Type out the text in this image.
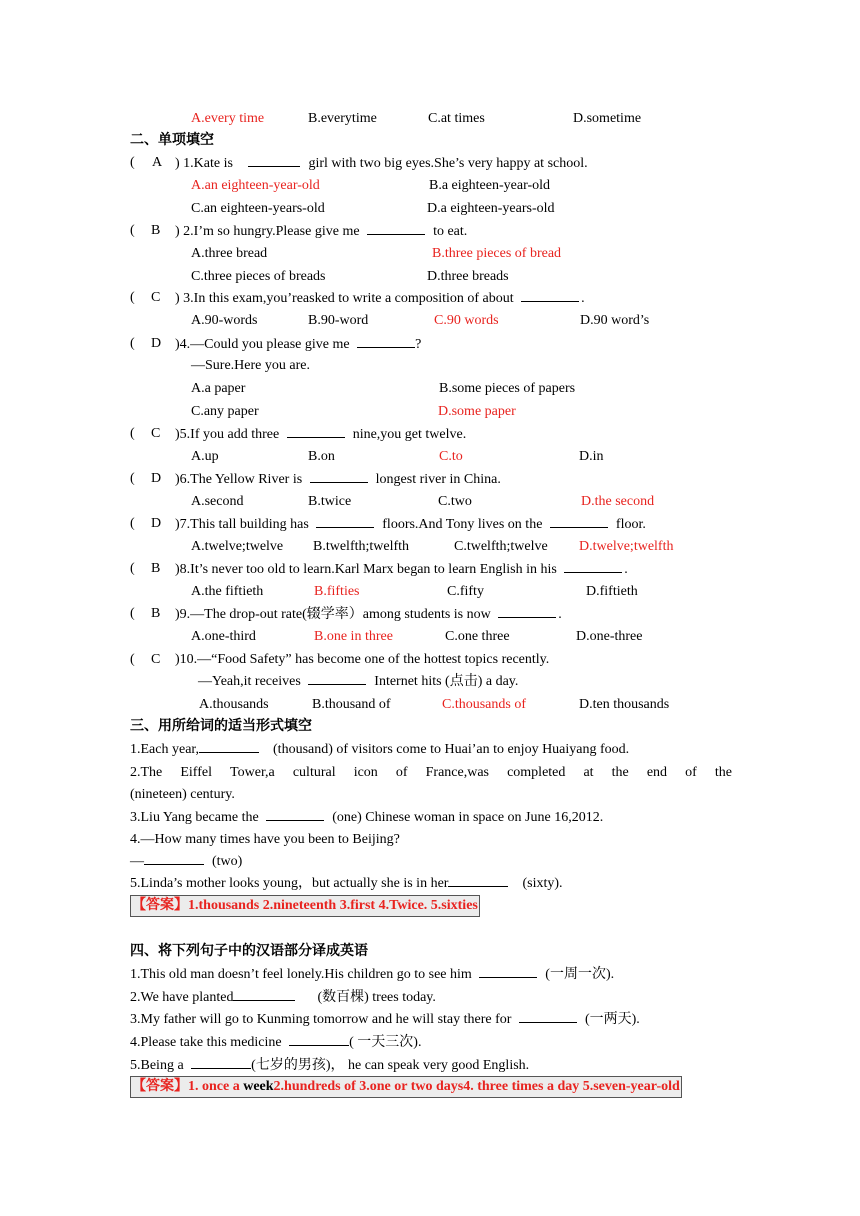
A.every time	B.everytime	C.at times	D.sometime
二、单项填空
( A ) 1.Kate is	girl with two big eyes.She’s very happy at school.
A.an eighteen-year-old	B.a eighteen-year-old
C.an eighteen-years-old	D.a eighteen-years-old
( B ) 2.I’m so hungry.Please give me	to eat.
A.three bread	B.three pieces of bread
C.three pieces of breads	D.three breads
( C ) 3.In this exam,you’reasked to write a composition of about	.
A.90-words	B.90-word	C.90 words	D.90 word’s
( D )4.—Could you please give me	?
—Sure.Here you are.
A.a paper	B.some pieces of papers
C.any paper	D.some paper
( C )5.If you add three	nine,you get twelve.
A.up	B.on	C.to	D.in
( D )6.The Yellow River is	longest river in China.
A.second	B.twice	C.two	D.the second
( D )7.This tall building has	floors.And Tony lives on the	floor.
A.twelve;twelve B.twelfth;twelfth	C.twelfth;twelve D.twelve;twelfth
( B )8.It’s never too old to learn.Karl Marx began to learn English in his	.
A.the fiftieth	B.fifties	C.fifty	D.fiftieth
( B )9.—The drop-out rate(辍学率）among students is now	.
A.one-third	B.one in three	C.one three	D.one-three
( C )10.—“Food Safety” has become one of the hottest topics recently.
—Yeah,it receives	Internet hits (点击) a day.
A.thousands	B.thousand of	C.thousands of	D.ten thousands
三、用所给词的适当形式填空
1.Each year,	(thousand) of visitors come to Huai’an to enjoy Huaiyang food.
2.The Eiffel Tower,a cultural icon of France,was completed at the end of the
(nineteen) century.
3.Liu Yang became the	(one) Chinese woman in space on June 16,2012.
4.—How many times have you been to Beijing?
—	(two)
5.Linda’s mother looks young，but actually she is in her	(sixty).
【答案】1.thousands 2.nineteenth 3.first 4.Twice. 5.sixties
四、将下列句子中的汉语部分译成英语
1.This old man doesn’t feel lonely.His children go to see him	(一周一次).
2.We have planted	(数百棵) trees today.
3.My father will go to Kunming tomorrow and he will stay there for	(一两天).
4.Please take this medicine	( 一天三次).
5.Being a	(七岁的男孩)， he can speak very good English.
【答案】1. once a week2.hundreds of 3.one or two days4. three times a day 5.seven-year-old
